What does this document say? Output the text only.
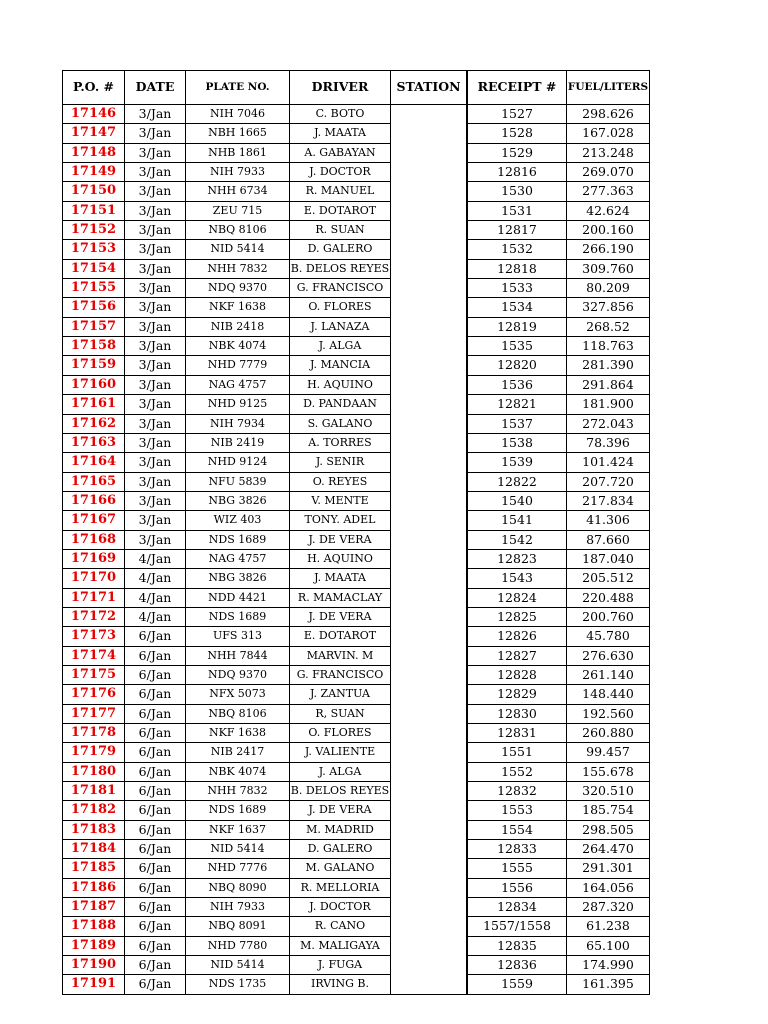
P.O. #	DATE	PLATE NO.	DRIVER	STATION		RECEIPT #	FUEL/LITERS
17146	3/Jan	NIH 7046	C. BOTO			1527	298.626
17147	3/Jan	NBH 1665	J. MAATA			1528	167.028
17148	3/Jan	NHB 1861	A. GABAYAN			1529	213.248
17149	3/Jan	NIH 7933	J. DOCTOR			12816	269.070
17150	3/Jan	NHH 6734	R. MANUEL			1530	277.363
17151	3/Jan	ZEU 715	E. DOTAROT			1531	42.624
17152	3/Jan	NBQ 8106	R. SUAN			12817	200.160
17153	3/Jan	NID 5414	D. GALERO			1532	266.190
17154	3/Jan	NHH 7832	B. DELOS REYES			12818	309.760
17155	3/Jan	NDQ 9370	G. FRANCISCO			1533	80.209
17156	3/Jan	NKF 1638	O. FLORES			1534	327.856
17157	3/Jan	NIB 2418	J. LANAZA			12819	268.52
17158	3/Jan	NBK 4074	J. ALGA			1535	118.763
17159	3/Jan	NHD 7779	J. MANCIA			12820	281.390
17160	3/Jan	NAG 4757	H. AQUINO			1536	291.864
17161	3/Jan	NHD 9125	D. PANDAAN			12821	181.900
17162	3/Jan	NIH 7934	S. GALANO			1537	272.043
17163	3/Jan	NIB 2419	A. TORRES			1538	78.396
17164	3/Jan	NHD 9124	J. SENIR			1539	101.424
17165	3/Jan	NFU 5839	O. REYES			12822	207.720
17166	3/Jan	NBG 3826	V. MENTE			1540	217.834
17167	3/Jan	WIZ 403	TONY. ADEL			1541	41.306
17168	3/Jan	NDS 1689	J. DE VERA			1542	87.660
17169	4/Jan	NAG 4757	H. AQUINO			12823	187.040
17170	4/Jan	NBG 3826	J. MAATA			1543	205.512
17171	4/Jan	NDD 4421	R. MAMACLAY			12824	220.488
17172	4/Jan	NDS 1689	J. DE VERA			12825	200.760
17173	6/Jan	UFS 313	E. DOTAROT			12826	45.780
17174	6/Jan	NHH 7844	MARVIN. M			12827	276.630
17175	6/Jan	NDQ 9370	G. FRANCISCO			12828	261.140
17176	6/Jan	NFX 5073	J. ZANTUA			12829	148.440
17177	6/Jan	NBQ 8106	R, SUAN			12830	192.560
17178	6/Jan	NKF 1638	O. FLORES			12831	260.880
17179	6/Jan	NIB 2417	J. VALIENTE			1551	99.457
17180	6/Jan	NBK 4074	J. ALGA			1552	155.678
17181	6/Jan	NHH 7832	B. DELOS REYES			12832	320.510
17182	6/Jan	NDS 1689	J. DE VERA			1553	185.754
17183	6/Jan	NKF 1637	M. MADRID			1554	298.505
17184	6/Jan	NID 5414	D. GALERO			12833	264.470
17185	6/Jan	NHD 7776	M. GALANO			1555	291.301
17186	6/Jan	NBQ 8090	R. MELLORIA			1556	164.056
17187	6/Jan	NIH 7933	J. DOCTOR			12834	287.320
17188	6/Jan	NBQ 8091	R. CANO			1557/1558	61.238
17189	6/Jan	NHD 7780	M. MALIGAYA			12835	65.100
17190	6/Jan	NID 5414	J. FUGA			12836	174.990
17191	6/Jan	NDS 1735	IRVING B.			1559	161.395
